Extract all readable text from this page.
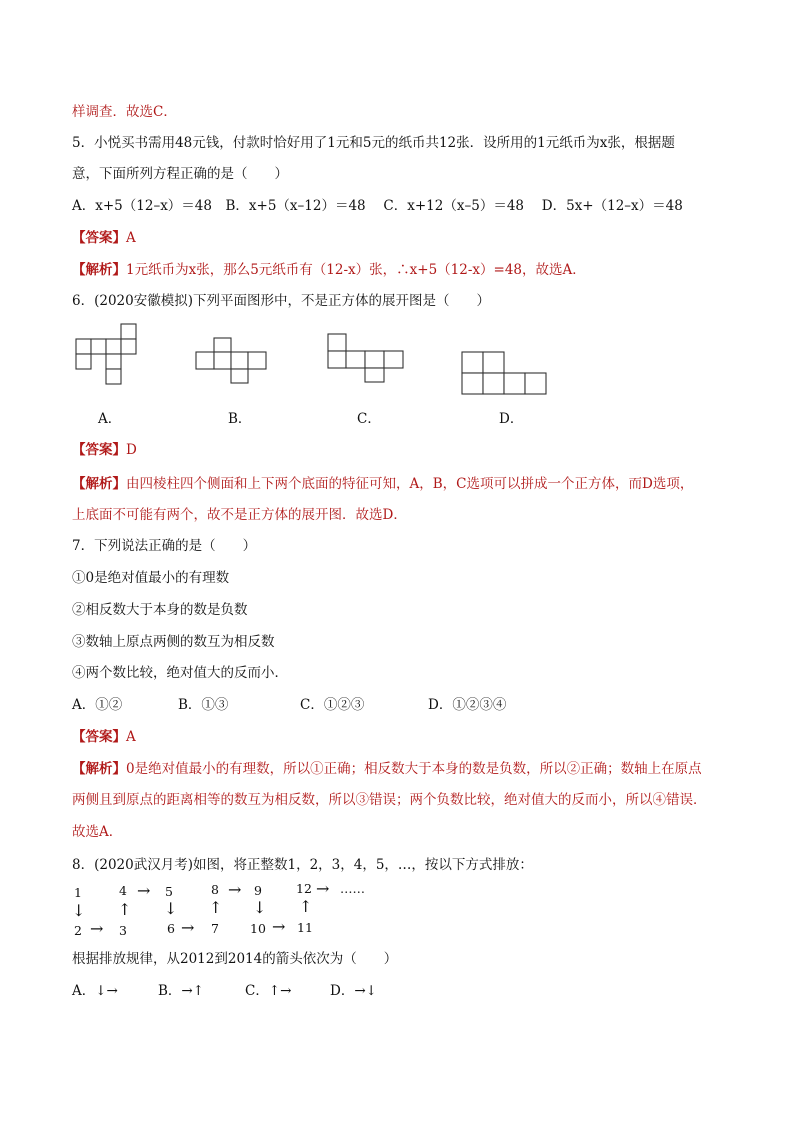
样调查．故选C．
5．小悦买书需用48元钱，付款时恰好用了1元和5元的纸币共12张．设所用的1元纸币为x张，根据题
意，下面所列方程正确的是（　　）
A．x+5（12–x）＝48　B．x+5（x–12）＝48　 C．x+12（x–5）＝48　 D．5x+（12–x）＝48
【答案】A
【解析】1元纸币为x张，那么5元纸币有（12-x）张，∴x+5（12-x）=48，故选A．
6．(2020安徽模拟)下列平面图形中，不是正方体的展开图是（　　）
A．	B．	C．	D．
【答案】D
【解析】由四棱柱四个侧面和上下两个底面的特征可知，A，B，C选项可以拼成一个正方体，而D选项，
上底面不可能有两个，故不是正方体的展开图．故选D．
7．下列说法正确的是（　　）
①0是绝对值最小的有理数
②相反数大于本身的数是负数
③数轴上原点两侧的数互为相反数
④两个数比较，绝对值大的反而小．
A．①②	B．①③	C．①②③	D．①②③④
【答案】A
【解析】0是绝对值最小的有理数，所以①正确；相反数大于本身的数是负数，所以②正确；数轴上在原点
两侧且到原点的距离相等的数互为相反数，所以③错误；两个负数比较，绝对值大的反而小，所以④错误．
故选A．
8．(2020武汉月考)如图，将正整数1，2，3，4，5，…，按以下方式排放：
1	4 → 5	8 → 9	12 → ……
↓ ↑ ↓ ↑ ↓ ↑
2 → 3	6 → 7 10 → 11
根据排放规律，从2012到2014的箭头依次为（　　）
A．↓→	B．→↑	C．↑→	D．→↓
